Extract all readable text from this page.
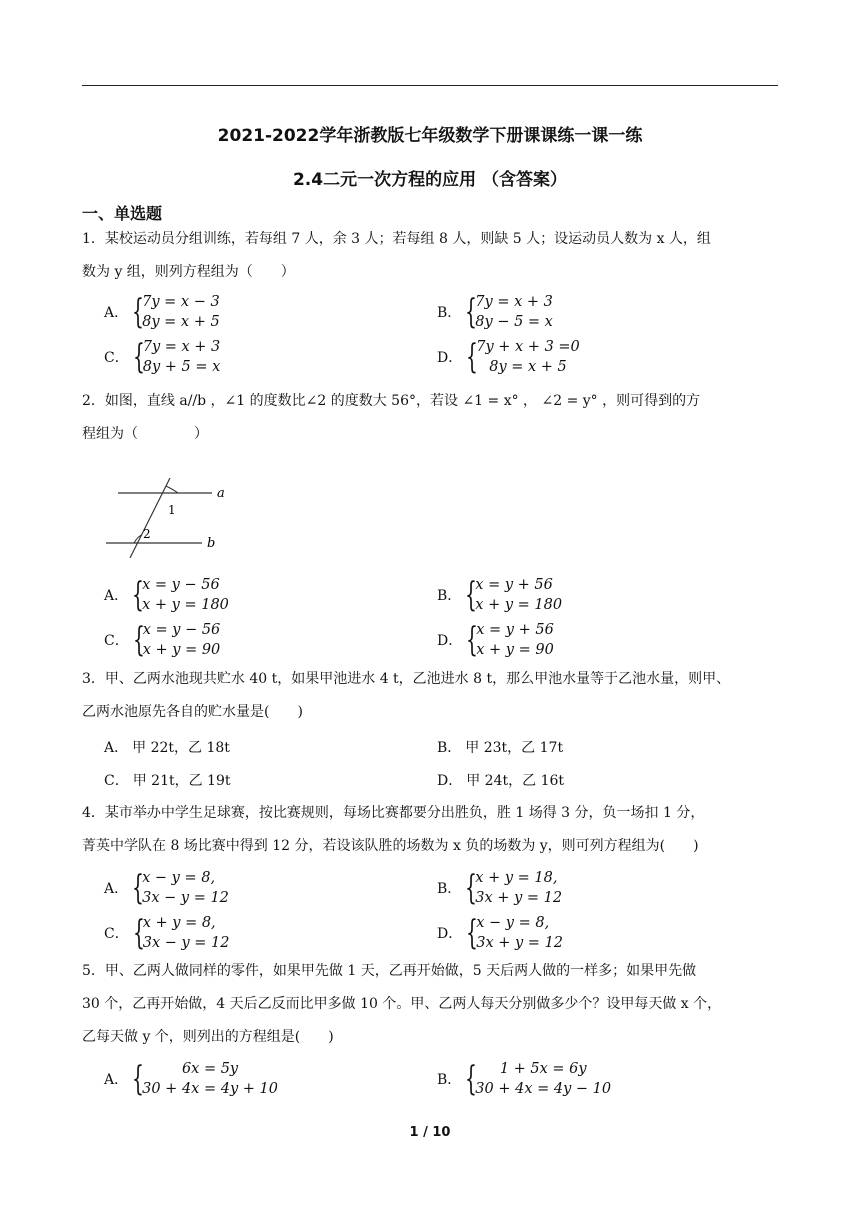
2021-2022学年浙教版七年级数学下册课课练一课一练
2.4二元一次方程的应用 （含答案）
一、单选题
1．某校运动员分组训练，若每组 7 人，余 3 人；若每组 8 人，则缺 5 人；设运动员人数为 x 人，组
数为 y 组，则列方程组为（　　）
A． {
7y = x − 3
8y = x + 5
B． {
7y = x + 3
8y − 5 = x
C． {
7y = x + 3
8y + 5 = x
D． {
7y + x + 3 =0
8y = x + 5
2．如图，直线 a//b ，∠1 的度数比∠2 的度数大 56°，若设 ∠1 = x° ， ∠2 = y° ，则可得到的方
程组为（　　　　）
a
b
1
2
A． {
x = y − 56
x + y = 180
B． {
x = y + 56
x + y = 180
C． {
x = y − 56
x + y = 90
D． {
x = y + 56
x + y = 90
3．甲、乙两水池现共贮水 40 t，如果甲池进水 4 t，乙池进水 8 t，那么甲池水量等于乙池水量，则甲、
乙两水池原先各自的贮水量是(　　)
A． 甲 22t，乙 18t	B． 甲 23t，乙 17t
C． 甲 21t，乙 19t	D． 甲 24t，乙 16t
4．某市举办中学生足球赛，按比赛规则，每场比赛都要分出胜负，胜 1 场得 3 分，负一场扣 1 分，
菁英中学队在 8 场比赛中得到 12 分，若设该队胜的场数为 x 负的场数为 y，则可列方程组为(　　)
A． {
x − y = 8,
3x − y = 12
B． {
x + y = 18,
3x + y = 12
C． {
x + y = 8,
3x − y = 12
D． {
x − y = 8,
3x + y = 12
5．甲、乙两人做同样的零件，如果甲先做 1 天，乙再开始做，5 天后两人做的一样多；如果甲先做
30 个，乙再开始做，4 天后乙反而比甲多做 10 个。甲、乙两人每天分别做多少个？设甲每天做 x 个，
乙每天做 y 个，则列出的方程组是(　　)
A． {	6x = 5y
30 + 4x = 4y + 10
B． { 1 + 5x = 6y
30 + 4x = 4y − 10
1 / 10
